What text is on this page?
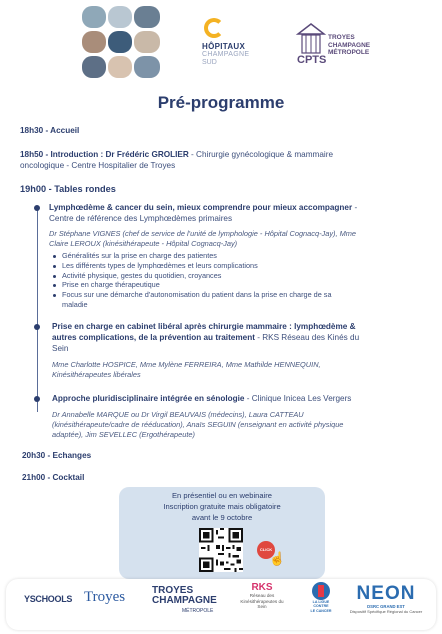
HÔPITAUX
CHAMPAGNE
SUD	CPTS
TROYES
CHAMPAGNE
MÉTROPOLE
Pré-programme
18h30 - Accueil
18h50 - Introduction : Dr Frédéric GROLIER - Chirurgie gynécologique & mammaire
oncologique - Centre Hospitalier de Troyes
19h00 - Tables rondes
Lymphœdème & cancer du sein, mieux comprendre pour mieux accompagner -
Centre de référence des Lymphœdèmes primaires
Dr Stéphane VIGNES (chef de service de l'unité de lymphologie - Hôpital Cognacq-Jay), Mme
Claire LEROUX (kinésithérapeute - Hôpital Cognacq-Jay)
Généralités sur la prise en charge des patientes
Les différents types de lymphœdèmes et leurs complications
Activité physique, gestes du quotidien, croyances
Prise en charge thérapeutique
Focus sur une démarche d'autonomisation du patient dans la prise en charge de sa
maladie
Prise en charge en cabinet libéral après chirurgie mammaire : lymphœdème &
autres complications, de la prévention au traitement - RKS Réseau des Kinés du
Sein
Mme Charlotte HOSPICE, Mme Mylène FERREIRA, Mme Mathilde HENNEQUIN,
Kinésithérapeutes libérales
Approche pluridisciplinaire intégrée en sénologie - Clinique Inicea Les Vergers
Dr Annabelle MARQUE ou Dr Virgil BEAUVAIS (médecins), Laura CATTEAU
(kinésithérapeute/cadre de rééducation), Anaïs SEGUIN (enseignant en activité physique
adaptée), Jim SEVELLEC (Ergothérapeute)
20h30 - Echanges
21h00 - Cocktail
En présentiel ou en webinaire
Inscription gratuite mais obligatoire
avant le 9 octobre
CLICK
☝
YSCHOOLS Troyes	TROYES
CHAMPAGNE
MÉTROPOLE
RKS
Réseau des
Kinésithérapeutes du
Sein
LA LIGUE
CONTRE
LE CANCER
NEON
DSRC GRAND EST
Dispositif Spécifique Régional du Cancer
